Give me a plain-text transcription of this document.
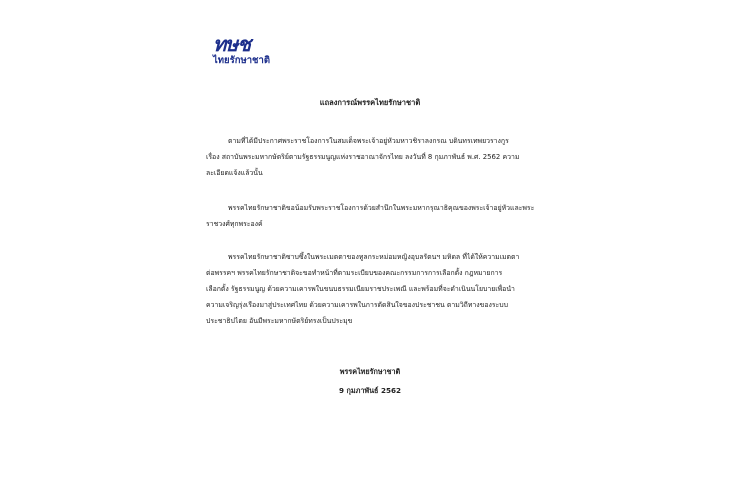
ทษช
ไทยรักษาชาติ
แถลงการณ์พรรคไทยรักษาชาติ
ตามที่ได้มีประกาศพระราชโองการในสมเด็จพระเจ้าอยู่หัวมหาวชิราลงกรณ บดินทรเทพยวรางกูร
เรื่อง สถาบันพระมหากษัตริย์ตามรัฐธรรมนูญแห่งราชอาณาจักรไทย ลงวันที่ 8 กุมภาพันธ์ พ.ศ. 2562 ความ
ละเอียดแจ้งแล้วนั้น
พรรคไทยรักษาชาติขอน้อมรับพระราชโองการด้วยสำนึกในพระมหากรุณาธิคุณของพระเจ้าอยู่หัวและพระ
ราชวงศ์ทุกพระองค์
พรรคไทยรักษาชาติซาบซึ้งในพระเมตตาของทูลกระหม่อมหญิงอุบลรัตนฯ มหิดล ที่ได้ให้ความเมตตา
ต่อพรรคฯ พรรคไทยรักษาชาติจะขอทำหน้าที่ตามระเบียบของคณะกรรมการการเลือกตั้ง กฎหมายการ
เลือกตั้ง รัฐธรรมนูญ ด้วยความเคารพในขนบธรรมเนียมราชประเพณี และพร้อมที่จะดำเนินนโยบายเพื่อนำ
ความเจริญรุ่งเรืองมาสู่ประเทศไทย ด้วยความเคารพในการตัดสินใจของประชาชน ตามวิถีทางของระบบ
ประชาธิปไตย อันมีพระมหากษัตริย์ทรงเป็นประมุข
พรรคไทยรักษาชาติ
9 กุมภาพันธ์ 2562
